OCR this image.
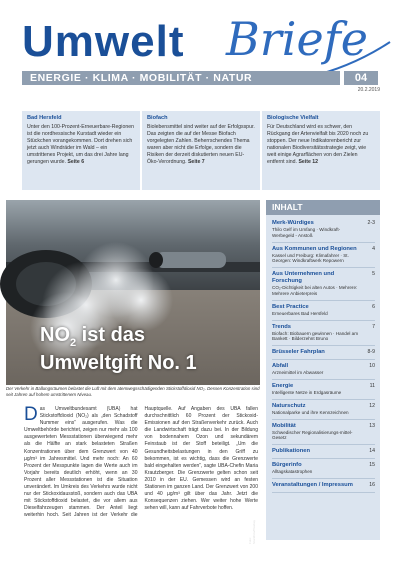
Umwelt Briefe
ENERGIE · KLIMA · MOBILITÄT · NATUR	04
20.2.2019
Bad Hersfeld
Unter den 100-Prozent-Erneuerbare-Regionen ist die nordhessische Kurstadt wieder ein Stückchen vorangekommen. Dort drehen sich jetzt auch Windräder im Wald – ein umstrittenes Projekt, um das drei Jahre lang gerungen wurde. Seite 6
Biofach
Biolebensmittel sind weiter auf der Erfolgsspur. Das zeigten die auf der Messe Biofach vorgelegten Zahlen. Beherrschendes Thema waren aber nicht die Erfolge, sondern die Risiken der derzeit diskutierten neuen EU-Öko-Verordnung. Seite 7
Biologische Vielfalt
Für Deutschland wird es schwer, den Rückgang der Artenvielfalt bis 2020 noch zu stoppen. Der neue Indikatorenbericht zur nationalen Biodiversitätsstrategie zeigt, wie weit einige Agrarflächen von den Zielen entfernt sind. Seite 12
Foto: Stockfoto/Pixabay
$NO_2$ ist das
Umweltgift No. 1
Der Verkehr in Ballungsräumen belastet die Luft mit dem atemwegsschädigenden Stickstoffdioxid NO₂. Dessen Konzentration sind seit Jahren auf hohem umstrittenem Niveau.
Das Umweltbundesamt (UBA) hat Stickstoffdioxid (NO₂) als „den Schadstoff Nummer eins“ ausgerufen. Was die Umweltbehörde berichtet, zeigen nur mehr als 100 ausgewerteten Messstationen überwiegend mehr als die Hälfte an stark belasteten Straßen Konzentrationen über dem Grenzwert von 40 µg/m³ im Jahresmittel. Und mehr noch: An 60 Prozent der Messpunkte lagen die Werte auch im Vorjahr bereits deutlich erhöht, wenn an 30 Prozent aller Messstationen ist die Situation unverändert. Im Umkreis des Verkehrs wurde nicht nur der Stickoxidausstoß, sondern auch das UBA mit Stickstoffdioxid belastet, die vor allem aus Dieselfahrzeugen stammen. Der Anteil liegt weiterhin hoch. Seit Jahren ist der Verkehr die Hauptquelle. Auf Angaben des UBA fallen durchschnittlich 60 Prozent der Stickoxid-Emissionen auf den Straßenverkehr zurück. Auch die Landwirtschaft trägt dazu bei. In der Bildung von bodennahem Ozon und sekundärem Feinstaub ist der Stoff beteiligt. „Um die Gesundheitsbelastungen in den Griff zu bekommen, ist es wichtig, dass die Grenzwerte bald eingehalten werden“, sagte UBA-Chefin Maria Krautzberger. Die Grenzwerte gelten schon seit 2010 in der EU. Gemessen wird an festen Stationen im ganzen Land. Der Grenzwert von 200 und 40 µg/m³ gilt über das Jahr. Jetzt die Konsequenzen ziehen. Wer weiter hohe Werte sehen will, kann auf Fahrverbote hoffen.
INHALT
Merk-Würdiges
Thilo Gelf im Umfang · Windkraft-Werbegeld - Anstoß
2-3
Aus Kommunen und Regionen
Kassel und Freiburg: Klimafahrer · St. Georgen: Windkraftwerk Repowern
4
Aus Unternehmen und Forschung
CO₂-Dichtigkeit bei alten Autos · Mehrere: Mehrere Anbieterpreis
5
Best Practice
Erneuerbares Bad Hersfeld
6
Trends
Biofach: Biobauern gewinnen · Handel am Bankett · Bilderzehnt Bruno
7
Brüsseler Fahrplan	8-9
Abfall
Arzneimittel im Abwasser
10
Energie
Intelligente Netze in Erdgasräume
11
Naturschutz
Nationalparke und ihre Kennzeichnen
12
Mobilität
Schwedischer Regionalisierungs-mittel-Gesetz
13
Publikationen	14
Bürgerinfo
Alltagskatastrophen
15
Veranstaltungen / Impressum	16
